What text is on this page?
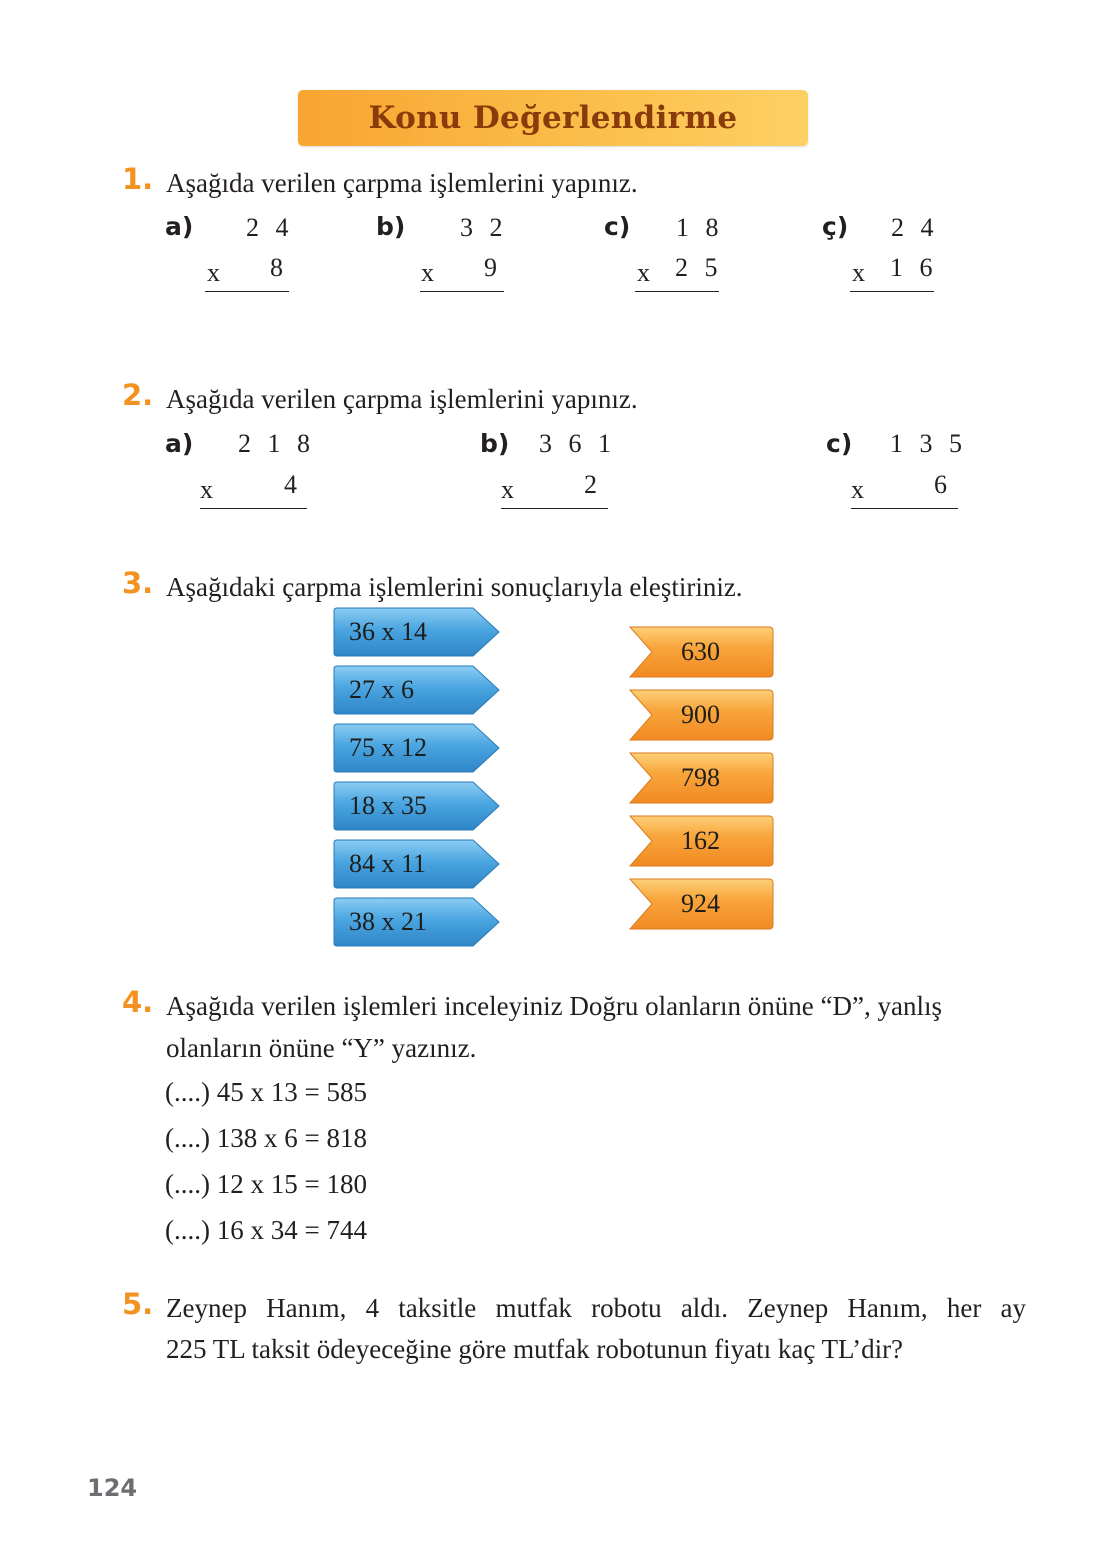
Konu Değerlendirme
1. Aşağıda verilen çarpma işlemlerini yapınız.
a) 2 4
x 8
b) 3 2
x 9
c) 1 8
x 2 5
ç) 2 4
x 1 6
2. Aşağıda verilen çarpma işlemlerini yapınız.
a) 2 1 8
x	4
b) 3 6 1
x	2
c) 1 3 5
x	6
3. Aşağıdaki çarpma işlemlerini sonuçlarıyla eleştiriniz.
36 x 14
27 x 6
75 x 12
18 x 35
84 x 11
38 x 21
630
900
798
162
924
4. Aşağıda verilen işlemleri inceleyiniz Doğru olanların önüne “D”, yanlış
olanların önüne “Y” yazınız.
(....) 45 x 13 = 585
(....) 138 x 6 = 818
(....) 12 x 15 = 180
(....) 16 x 34 = 744
5. Zeynep Hanım, 4 taksitle mutfak robotu aldı. Zeynep Hanım, her ay
225 TL taksit ödeyeceğine göre mutfak robotunun fiyatı kaç TL’dir?
124
